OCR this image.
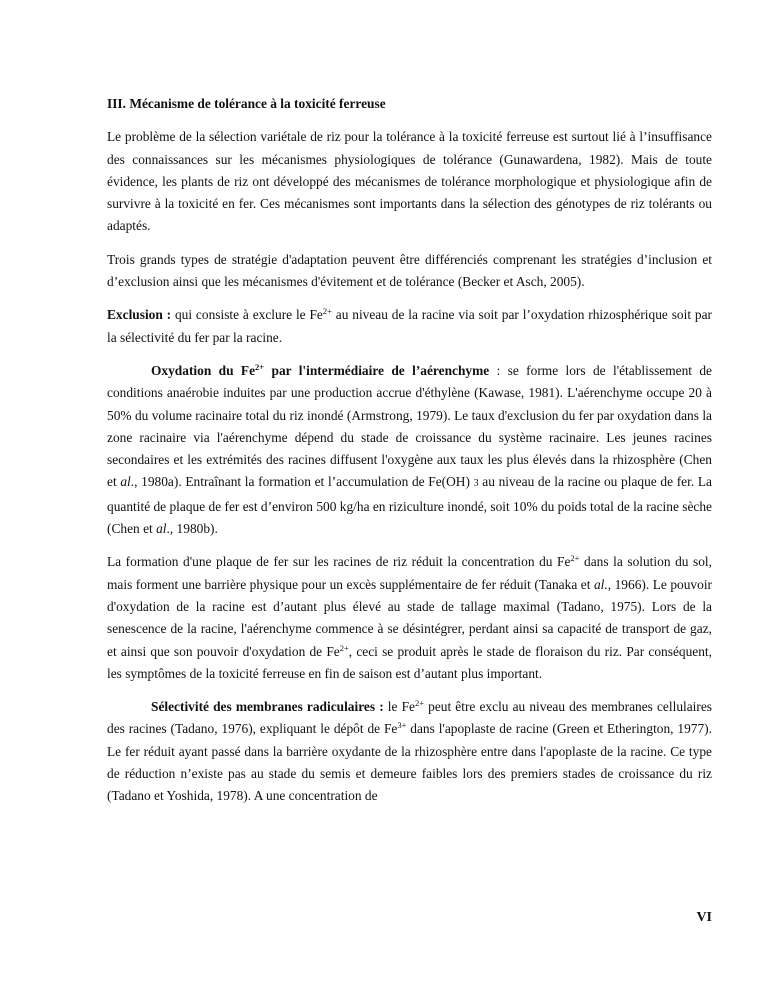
III. Mécanisme de tolérance à la toxicité ferreuse

Le problème de la sélection variétale de riz pour la tolérance à la toxicité ferreuse est surtout lié à l’insuffisance des connaissances sur les mécanismes physiologiques de tolérance (Gunawardena, 1982). Mais de toute évidence, les plants de riz ont développé des mécanismes de tolérance morphologique et physiologique afin de survivre à la toxicité en fer. Ces mécanismes sont importants dans la sélection des génotypes de riz tolérants ou adaptés.

Trois grands types de stratégie d'adaptation peuvent être différenciés comprenant les stratégies d’inclusion et d’exclusion ainsi que les mécanismes d'évitement et de tolérance (Becker et Asch, 2005).

Exclusion : qui consiste à exclure le $Fe^{2+}$ au niveau de la racine via soit par l’oxydation rhizosphérique soit par la sélectivité du fer par la racine.

Oxydation du $Fe^{2+}$ par l'intermédiaire de l’aérenchyme : se forme lors de l'établissement de conditions anaérobie induites par une production accrue d'éthylène (Kawase, 1981). L'aérenchyme occupe 20 à 50% du volume racinaire total du riz inondé (Armstrong, 1979). Le taux d'exclusion du fer par oxydation dans la zone racinaire via l'aérenchyme dépend du stade de croissance du système racinaire. Les jeunes racines secondaires et les extrémités des racines diffusent l'oxygène aux taux les plus élevés dans la rhizosphère (Chen et al., 1980a). Entraînant la formation et l’accumulation de Fe(OH) 3 au niveau de la racine ou plaque de fer. La quantité de plaque de fer est d’environ 500 kg/ha en riziculture inondé, soit 10% du poids total de la racine sèche (Chen et al., 1980b).

La formation d'une plaque de fer sur les racines de riz réduit la concentration du $Fe^{2+}$ dans la solution du sol, mais forment une barrière physique pour un excès supplémentaire de fer réduit (Tanaka et al., 1966). Le pouvoir d'oxydation de la racine est d’autant plus élevé au stade de tallage maximal (Tadano, 1975). Lors de la senescence de la racine, l'aérenchyme commence à se désintégrer, perdant ainsi sa capacité de transport de gaz, et ainsi que son pouvoir d'oxydation de $Fe^{2+}$, ceci se produit après le stade de floraison du riz. Par conséquent, les symptômes de la toxicité ferreuse en fin de saison est d’autant plus important.

Sélectivité des membranes radiculaires : le $Fe^{2+}$ peut être exclu au niveau des membranes cellulaires des racines (Tadano, 1976), expliquant le dépôt de $Fe^{3+}$ dans l'apoplaste de racine (Green et Etherington, 1977). Le fer réduit ayant passé dans la barrière oxydante de la rhizosphère entre dans l'apoplaste de la racine. Ce type de réduction n’existe pas au stade du semis et demeure faibles lors des premiers stades de croissance du riz (Tadano et Yoshida, 1978). A une concentration de

VI
